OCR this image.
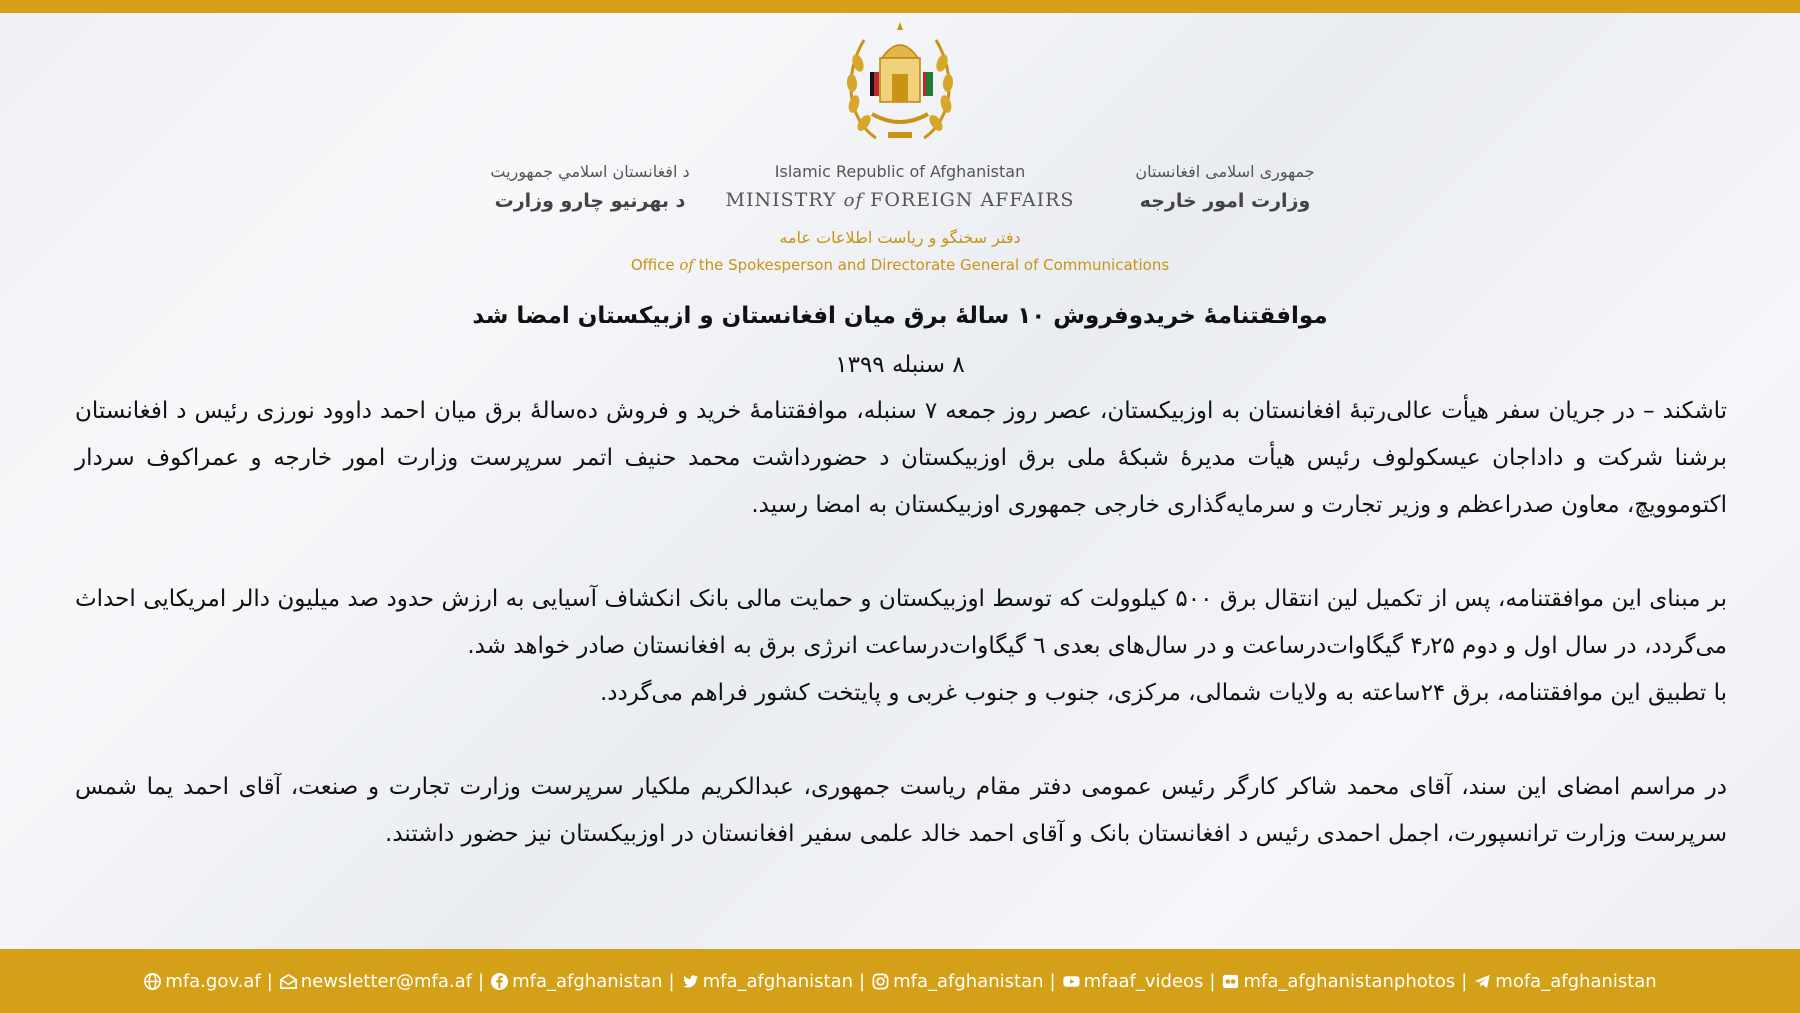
جمهوری اسلامی افغانستان
وزارت امور خارجه
Islamic Republic of Afghanistan
MINISTRY of FOREIGN AFFAIRS
د افغانستان اسلامي جمهوریت
د بهرنیو چارو وزارت
دفتر سخنگو و ریاست اطلاعات عامه
Office of the Spokesperson and Directorate General of Communications
موافقتنامهٔ خریدوفروش ۱۰ سالهٔ برق میان افغانستان و ازبیکستان امضا شد
۸ سنبله ۱۳۹۹

تاشکند – در جریان سفر هیأت عالی‌رتبهٔ افغانستان به اوزبیکستان، عصر روز جمعه ۷ سنبله، موافقتنامهٔ خرید و فروش ده‌سالهٔ برق میان احمد داوود نورزی رئیس د افغانستان برشنا شرکت و داداجان عیسکولوف رئیس هیأت مدیرهٔ شبکهٔ ملی برق اوزبیکستان د حضورداشت محمد حنیف اتمر سرپرست وزارت امور خارجه و عمراکوف سردار اکتوموویچ، معاون صدراعظم و وزیر تجارت و سرمایه‌گذاری خارجی جمهوری اوزبیکستان به امضا رسید.

بر مبنای این موافقتنامه، پس از تکمیل لین انتقال برق ۵۰۰ کیلوولت که توسط اوزبیکستان و حمایت مالی بانک انکشاف آسیایی به ارزش حدود صد میلیون دالر امریکایی احداث می‌گردد، در سال اول و دوم ۴٫۲۵ گیگاوات‌درساعت و در سال‌های بعدی ٦ گیگاوات‌درساعت انرژی برق به افغانستان صادر خواهد شد.

با تطبیق این موافقتنامه، برق ۲۴ساعته به ولایات شمالی، مرکزی، جنوب و جنوب غربی و پایتخت کشور فراهم می‌گردد.

در مراسم امضای این سند، آقای محمد شاکر کارگر رئیس عمومی دفتر مقام ریاست جمهوری، عبدالکریم ملکیار سرپرست وزارت تجارت و صنعت، آقای احمد یما شمس سرپرست وزارت ترانسپورت، اجمل احمدی رئیس د افغانستان بانک و آقای احمد خالد علمی سفیر افغانستان در اوزبیکستان نیز حضور داشتند.

mfa.gov.af | newsletter@mfa.af | mfa_afghanistan | mfa_afghanistan | mfa_afghanistan | mfaaf_videos | mfa_afghanistanphotos | mofa_afghanistan
